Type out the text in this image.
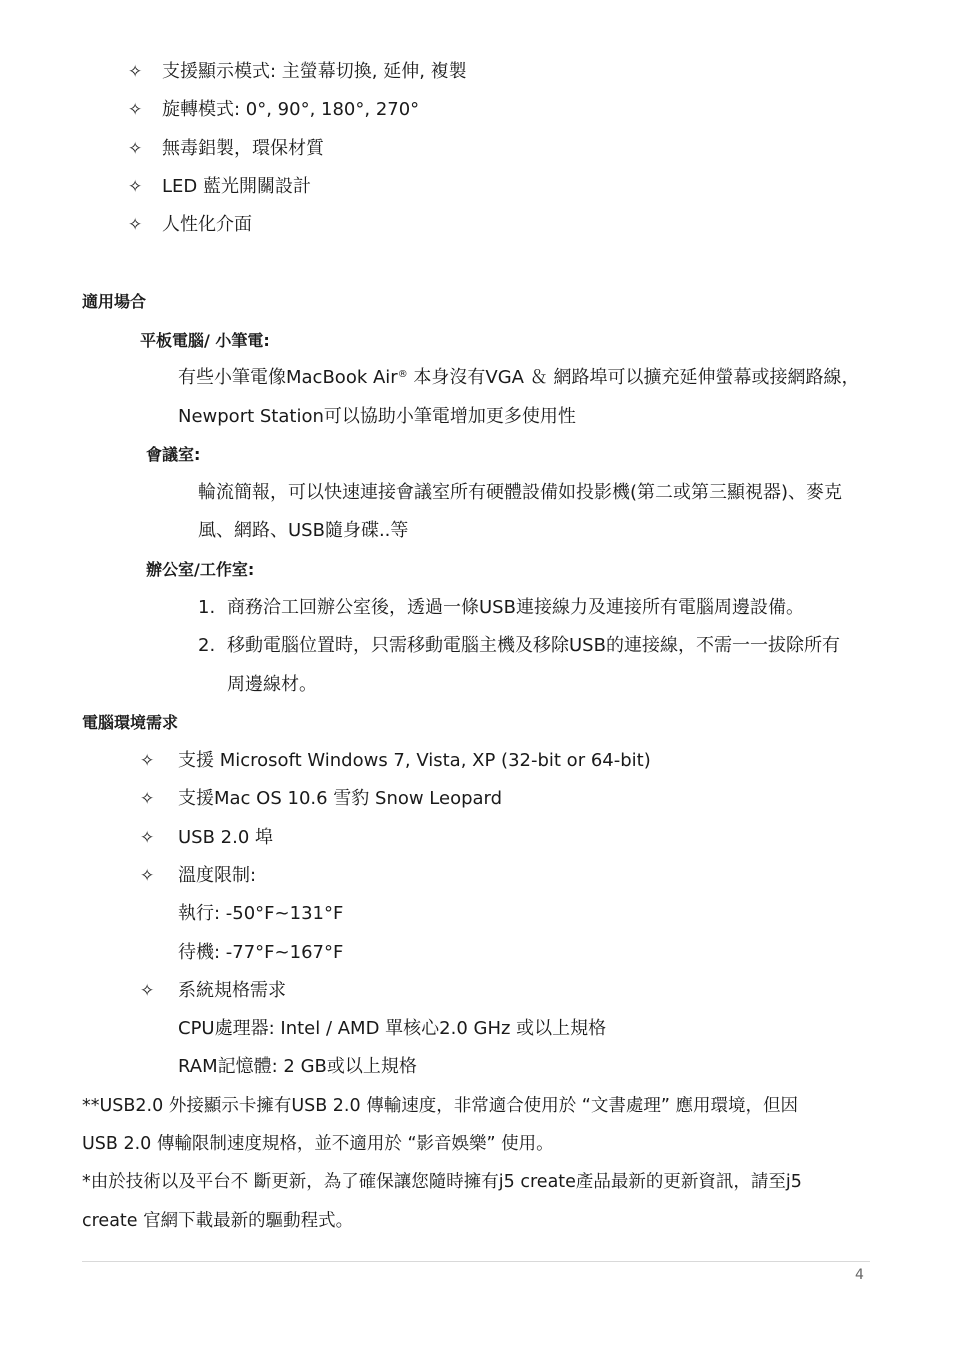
✧ 支援顯示模式: 主螢幕切換, 延伸, 複製
✧ 旋轉模式: 0°, 90°, 180°, 270°
✧ 無毒鋁製，環保材質
✧ LED 藍光開關設計
✧ 人性化介面
適用場合
平板電腦/ 小筆電:
有些小筆電像MacBook Air® 本身沒有VGA ＆ 網路埠可以擴充延伸螢幕或接網路線，
Newport Station可以協助小筆電增加更多使用性
會議室:
輪流簡報，可以快速連接會議室所有硬體設備如投影機(第二或第三顯視器)、麥克
風、網路、USB隨身碟..等
辦公室/工作室:
1. 商務洽工回辦公室後，透過一條USB連接線力及連接所有電腦周邊設備。
2. 移動電腦位置時，只需移動電腦主機及移除USB的連接線，不需一一拔除所有
周邊線材。
電腦環境需求
✧ 支援 Microsoft Windows 7, Vista, XP (32-bit or 64-bit)
✧ 支援Mac OS 10.6 雪豹 Snow Leopard
✧ USB 2.0 埠
✧ 溫度限制:
執行: -50°F~131°F
待機: -77°F~167°F
✧ 系統規格需求
CPU處理器: Intel / AMD 單核心2.0 GHz 或以上規格
RAM記憶體: 2 GB或以上規格
**USB2.0 外接顯示卡擁有USB 2.0 傳輸速度，非常適合使用於 “文書處理” 應用環境，但因
USB 2.0 傳輸限制速度規格，並不適用於 “影音娛樂” 使用。
*由於技術以及平台不 斷更新，為了確保讓您隨時擁有j5 create產品最新的更新資訊，請至j5
create 官網下載最新的驅動程式。
4
